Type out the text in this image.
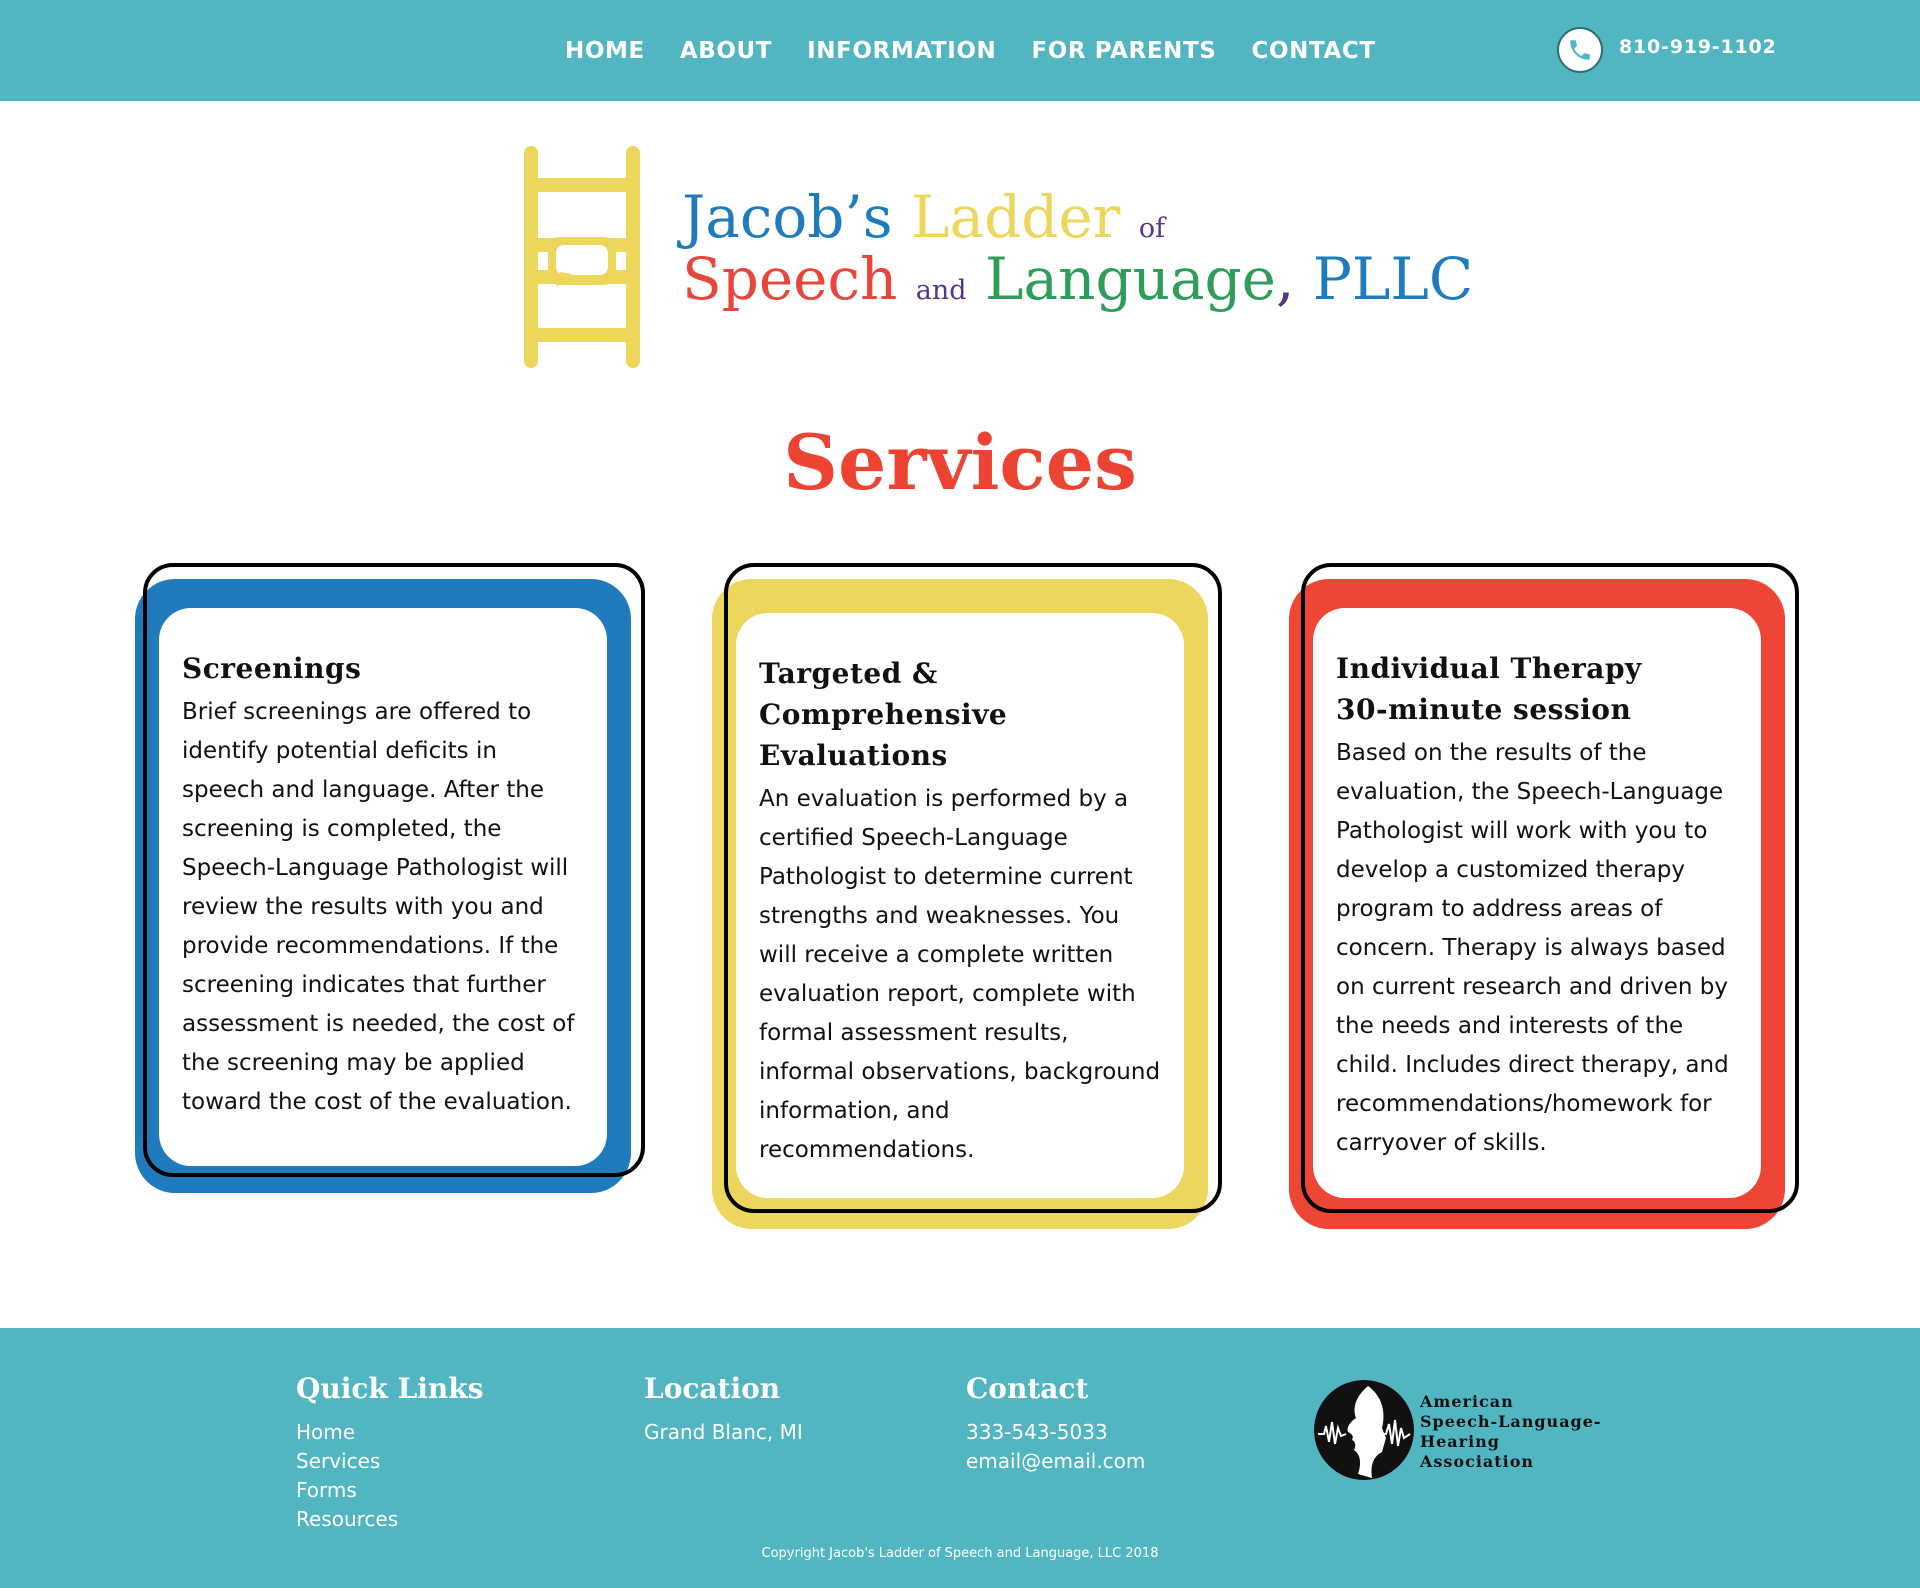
HOME ABOUT INFORMATION FOR PARENTS CONTACT	810-919-1102
Jacob’s Ladder of
Speech and Language, PLLC
Services
Screenings

Brief screenings are offered to identify potential deficits in speech and language. After the screening is completed, the Speech-Language Pathologist will review the results with you and provide recommendations. If the screening indicates that further assessment is needed, the cost of the screening may be applied toward the cost of the evaluation.

Targeted & Comprehensive Evaluations

An evaluation is performed by a certified Speech-Language Pathologist to determine current strengths and weaknesses. You will receive a complete written evaluation report, complete with formal assessment results, informal observations, background information, and recommendations.

Individual Therapy 30-minute session

Based on the results of the evaluation, the Speech-Language Pathologist will work with you to develop a customized therapy program to address areas of concern. Therapy is always based on current research and driven by the needs and interests of the child. Includes direct therapy, and recommendations/homework for carryover of skills.

Quick Links
Home
Services
Forms
Resources
Location
Grand Blanc, MI
Contact
333-543-5033
email@email.com
American
Speech-Language-
Hearing
Association
Copyright Jacob's Ladder of Speech and Language, LLC 2018
